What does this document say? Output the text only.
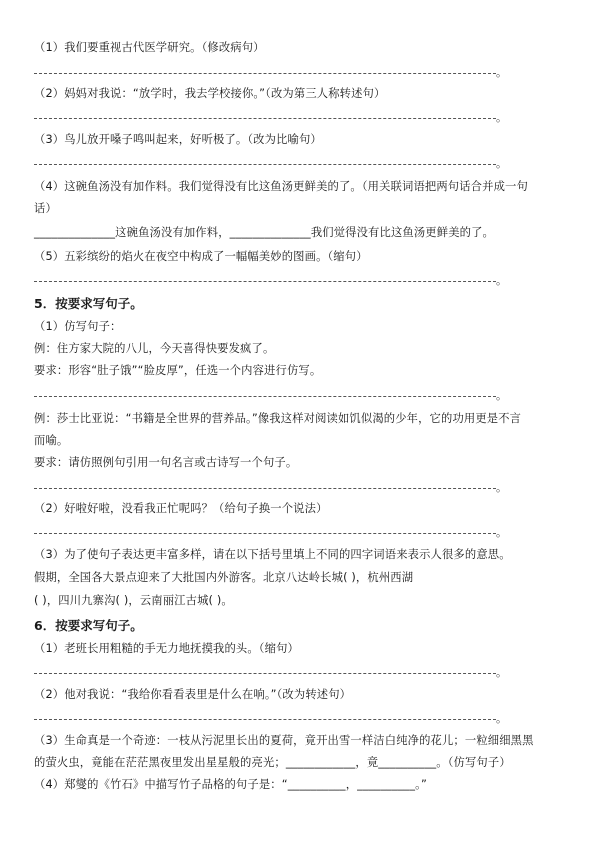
（1）我们要重视古代医学研究。（修改病句）
。
（2）妈妈对我说：“放学时，我去学校接你。”（改为第三人称转述句）
。
（3）鸟儿放开嗓子鸣叫起来，好听极了。（改为比喻句）
。
（4）这碗鱼汤没有加作料。我们觉得没有比这鱼汤更鲜美的了。（用关联词语把两句话合并成一句
话）
______________这碗鱼汤没有加作料，______________我们觉得没有比这鱼汤更鲜美的了。
（5）五彩缤纷的焰火在夜空中构成了一幅幅美妙的图画。（缩句）
。
5．按要求写句子。
（1）仿写句子：
例：住方家大院的八儿，今天喜得快要发疯了。
要求：形容“肚子饿”“脸皮厚”，任选一个内容进行仿写。
。
例：莎士比亚说：“书籍是全世界的营养品。”像我这样对阅读如饥似渴的少年，它的功用更是不言
而喻。
要求：请仿照例句引用一句名言或古诗写一个句子。
。
（2）好啦好啦，没看我正忙呢吗？（给句子换一个说法）
。
（3）为了使句子表达更丰富多样，请在以下括号里填上不同的四字词语来表示人很多的意思。
假期，全国各大景点迎来了大批国内外游客。北京八达岭长城( )，杭州西湖
( )，四川九寨沟( )，云南丽江古城( )。
6．按要求写句子。
（1）老班长用粗糙的手无力地抚摸我的头。（缩句）
。
（2）他对我说：“我给你看看表里是什么在响。”（改为转述句）
。
（3）生命真是一个奇迹：一枝从污泥里长出的夏荷，竟开出雪一样洁白纯净的花儿；一粒细细黑黑
的萤火虫，竟能在茫茫黑夜里发出星星般的亮光；____________，竟__________。（仿写句子）
（4）郑燮的《竹石》中描写竹子品格的句子是：“__________，__________。”
